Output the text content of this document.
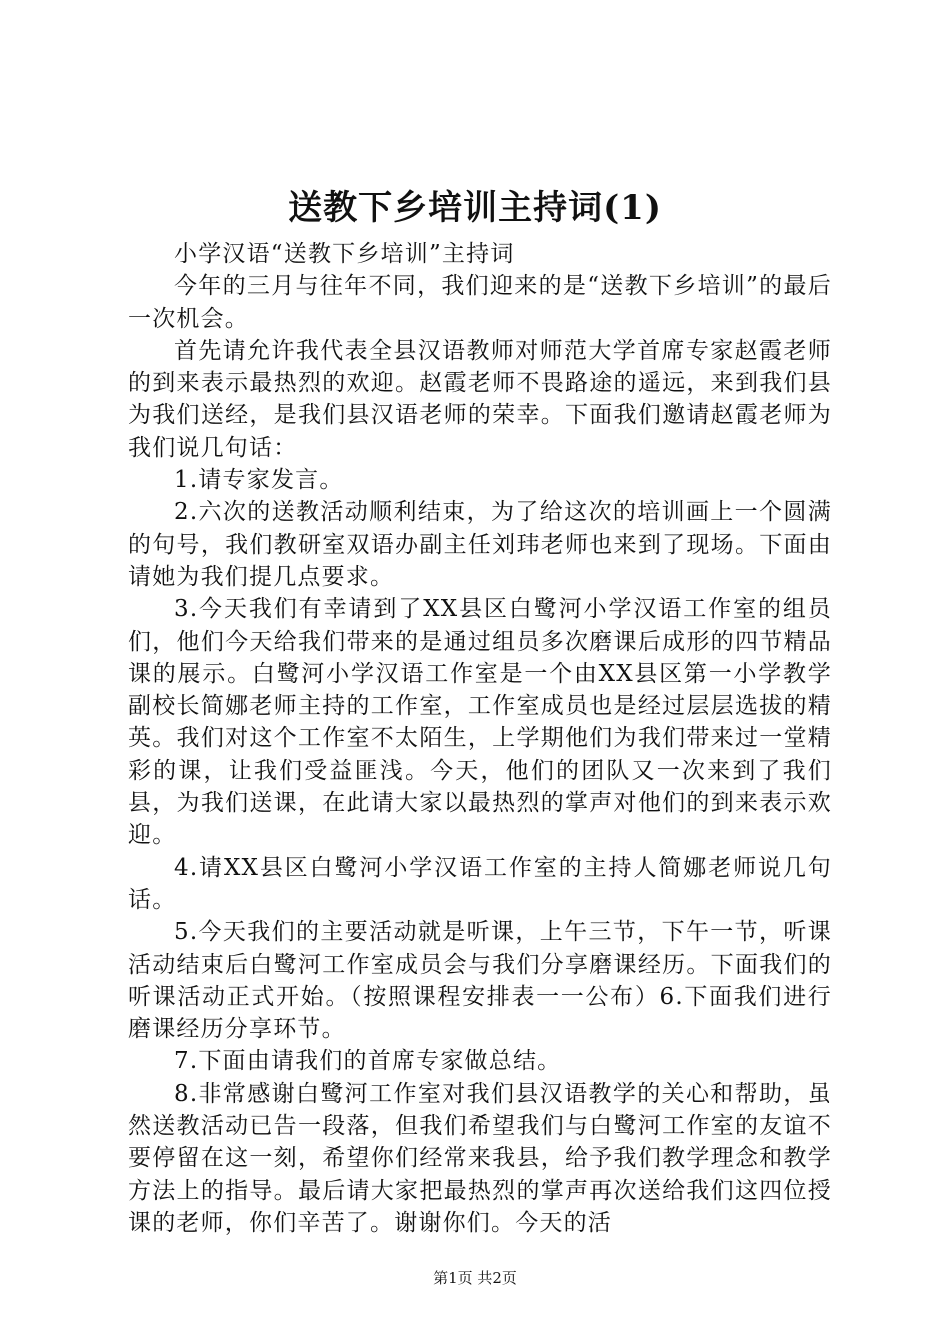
送教下乡培训主持词(1)

小学汉语“送教下乡培训”主持词

今年的三月与往年不同，我们迎来的是“送教下乡培训”的最后一次机会。

首先请允许我代表全县汉语教师对师范大学首席专家赵霞老师的到来表示最热烈的欢迎。赵霞老师不畏路途的遥远，来到我们县为我们送经，是我们县汉语老师的荣幸。下面我们邀请赵霞老师为我们说几句话：

1.请专家发言。

2.六次的送教活动顺利结束，为了给这次的培训画上一个圆满的句号，我们教研室双语办副主任刘玮老师也来到了现场。下面由请她为我们提几点要求。

3.今天我们有幸请到了XX县区白鹭河小学汉语工作室的组员们，他们今天给我们带来的是通过组员多次磨课后成形的四节精品课的展示。白鹭河小学汉语工作室是一个由XX县区第一小学教学副校长简娜老师主持的工作室，工作室成员也是经过层层选拔的精英。我们对这个工作室不太陌生，上学期他们为我们带来过一堂精彩的课，让我们受益匪浅。今天，他们的团队又一次来到了我们县，为我们送课，在此请大家以最热烈的掌声对他们的到来表示欢迎。

4.请XX县区白鹭河小学汉语工作室的主持人简娜老师说几句话。

5.今天我们的主要活动就是听课，上午三节，下午一节，听课活动结束后白鹭河工作室成员会与我们分享磨课经历。下面我们的听课活动正式开始。（按照课程安排表一一公布）6.下面我们进行磨课经历分享环节。

7.下面由请我们的首席专家做总结。

8.非常感谢白鹭河工作室对我们县汉语教学的关心和帮助，虽然送教活动已告一段落，但我们希望我们与白鹭河工作室的友谊不要停留在这一刻，希望你们经常来我县，给予我们教学理念和教学方法上的指导。最后请大家把最热烈的掌声再次送给我们这四位授课的老师，你们辛苦了。谢谢你们。今天的活

第1页 共2页
